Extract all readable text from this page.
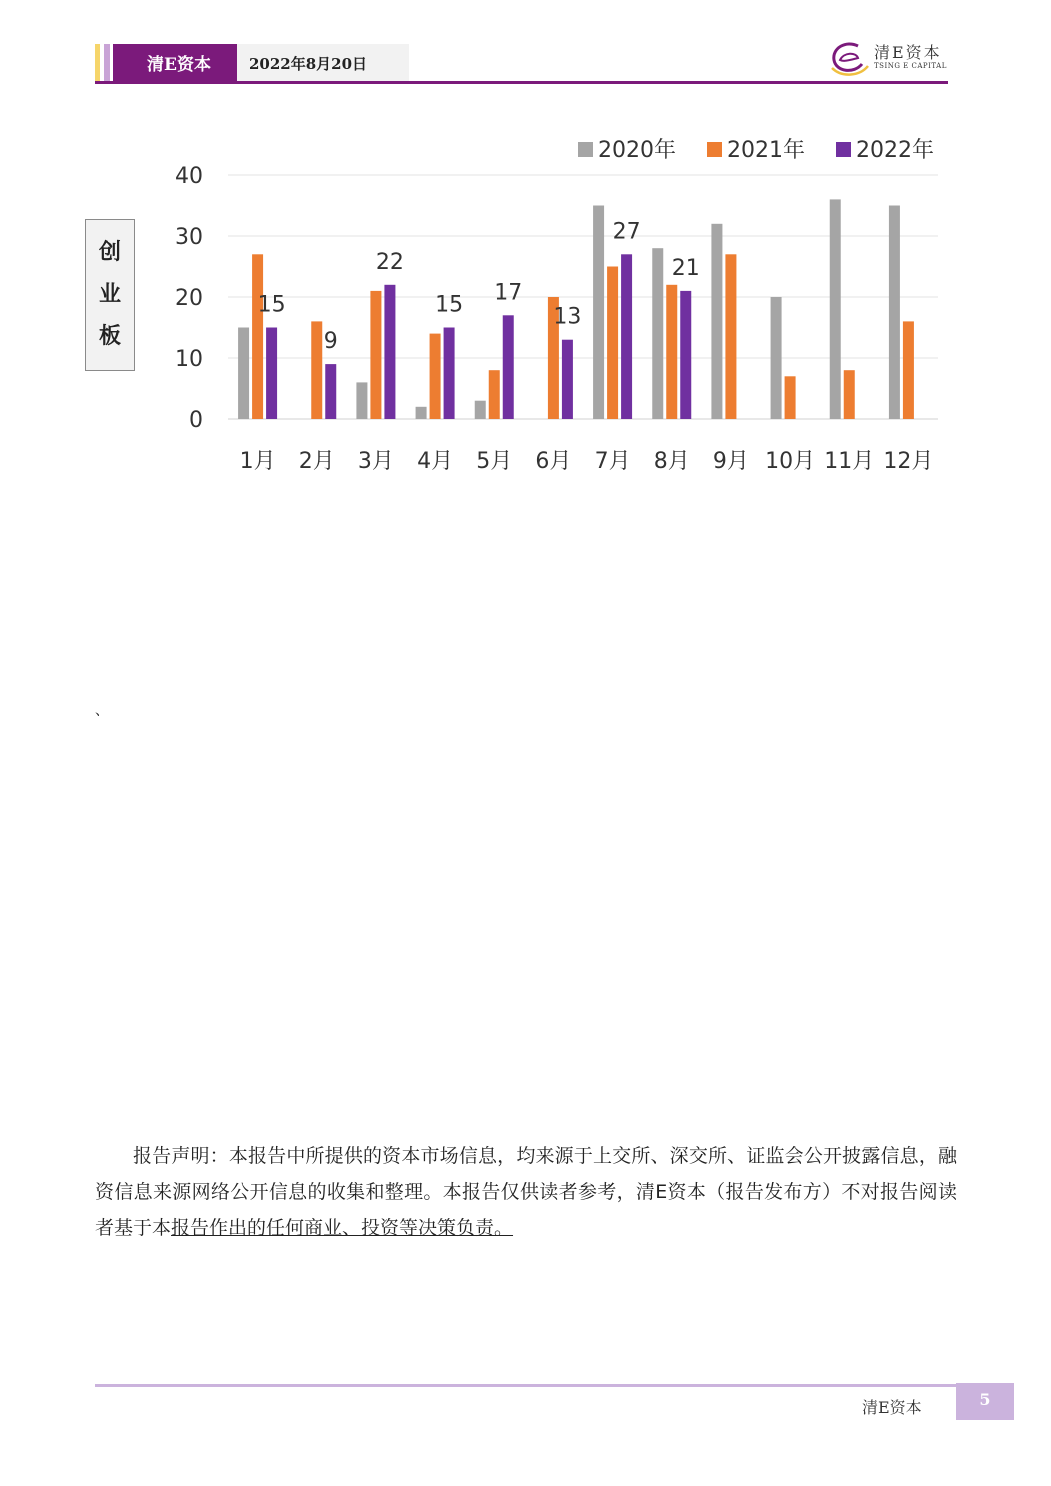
清E资本	2022年8月20日
清E资本
TSING E CAPITAL
创
业
板
0
10
20
30
40
1月 2月 3月 4月 5月 6月 7月 8月 9月 10月 11月 12月
15
9
22
15 17
13
27
21
2020年 2021年 2022年
、
报告声明：本报告中所提供的资本市场信息，均来源于上交所、深交所、证监会公开披露信息，融资信息来源网络公开信息的收集和整理。本报告仅供读者参考，清E资本（报告发布方）不对报告阅读者基于本报告作出的任何商业、投资等决策负责。
清E资本	5
